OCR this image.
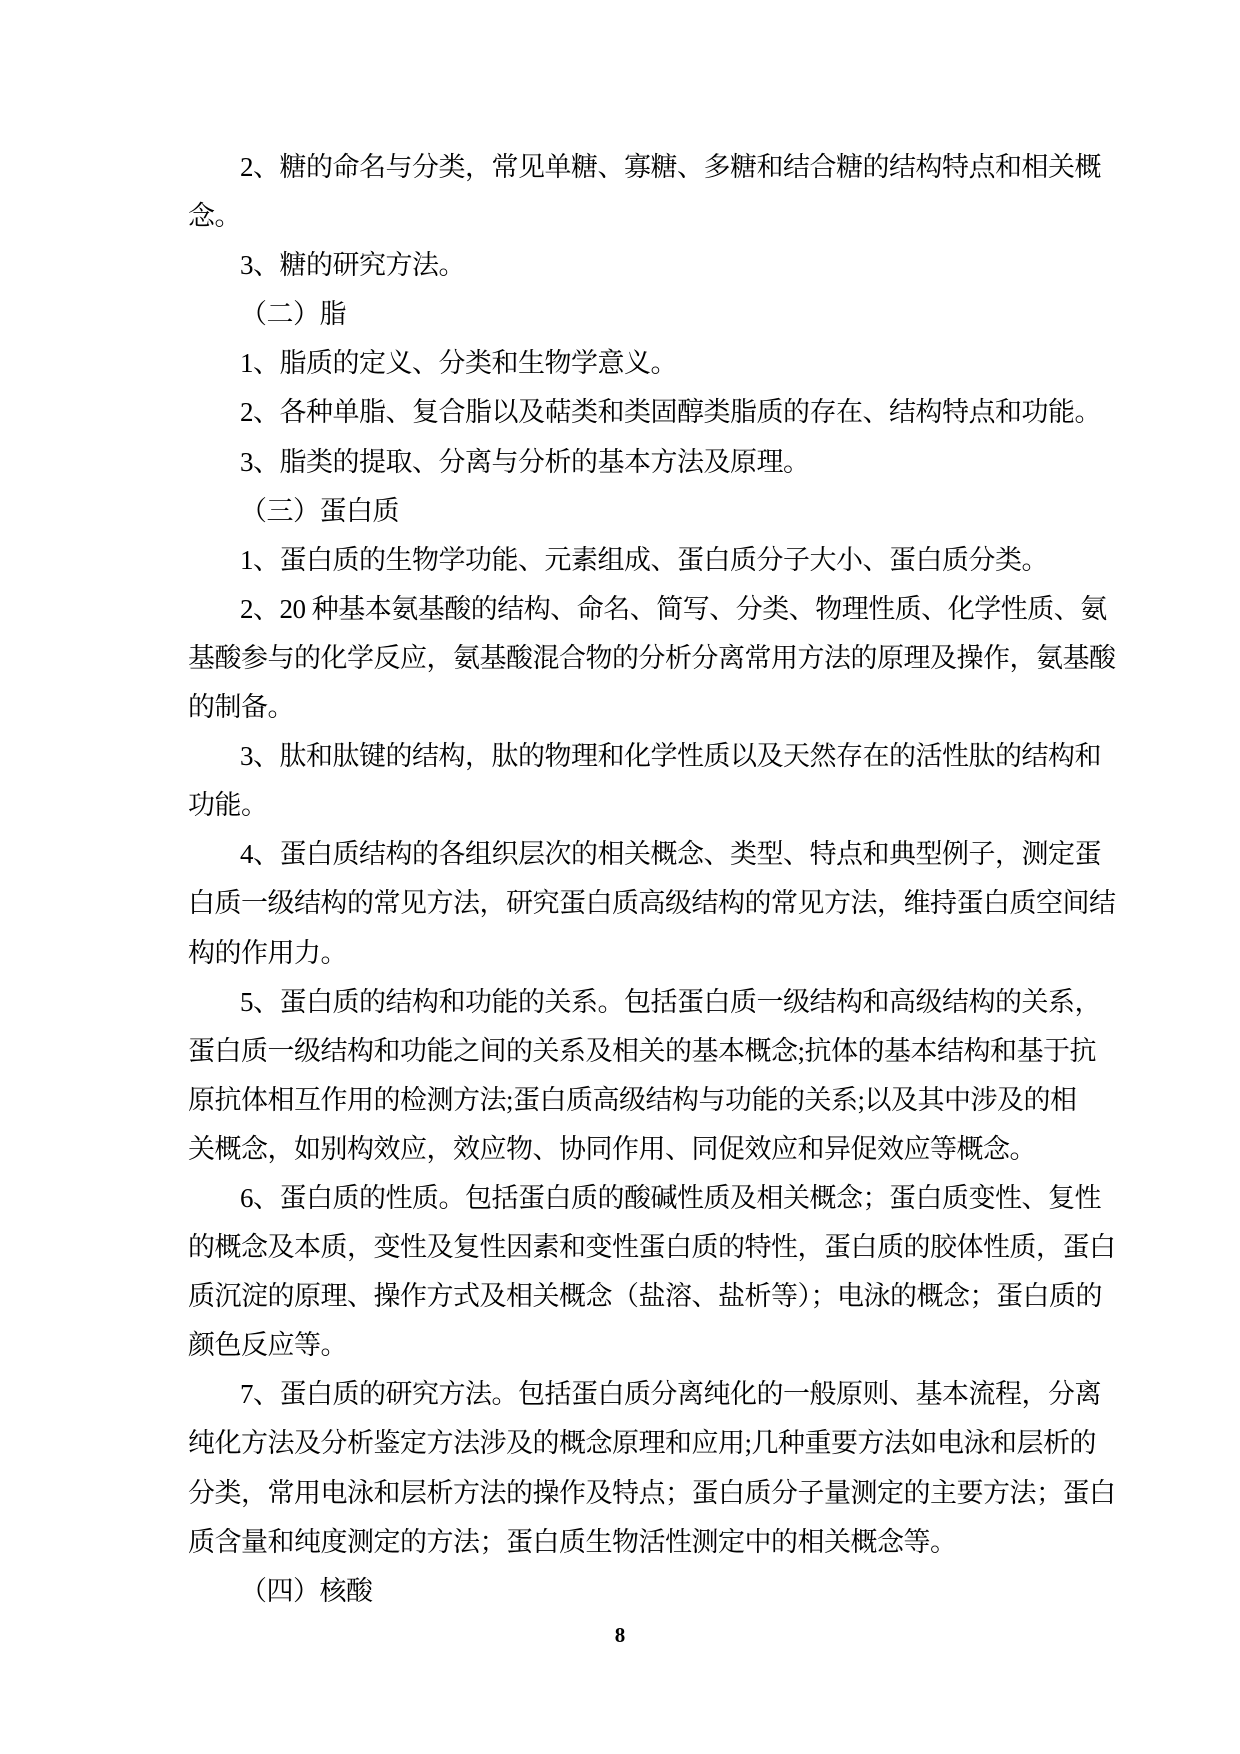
2、糖的命名与分类，常见单糖、寡糖、多糖和结合糖的结构特点和相关概
念。

3、糖的研究方法。

（二）脂

1、脂质的定义、分类和生物学意义。

2、各种单脂、复合脂以及萜类和类固醇类脂质的存在、结构特点和功能。

3、脂类的提取、分离与分析的基本方法及原理。

（三）蛋白质

1、蛋白质的生物学功能、元素组成、蛋白质分子大小、蛋白质分类。

2、20 种基本氨基酸的结构、命名、简写、分类、物理性质、化学性质、氨
基酸参与的化学反应，氨基酸混合物的分析分离常用方法的原理及操作，氨基酸
的制备。

3、肽和肽键的结构，肽的物理和化学性质以及天然存在的活性肽的结构和
功能。

4、蛋白质结构的各组织层次的相关概念、类型、特点和典型例子，测定蛋
白质一级结构的常见方法，研究蛋白质高级结构的常见方法，维持蛋白质空间结
构的作用力。

5、蛋白质的结构和功能的关系。包括蛋白质一级结构和高级结构的关系，
蛋白质一级结构和功能之间的关系及相关的基本概念;抗体的基本结构和基于抗
原抗体相互作用的检测方法;蛋白质高级结构与功能的关系;以及其中涉及的相
关概念，如别构效应，效应物、协同作用、同促效应和异促效应等概念。

6、蛋白质的性质。包括蛋白质的酸碱性质及相关概念；蛋白质变性、复性
的概念及本质，变性及复性因素和变性蛋白质的特性，蛋白质的胶体性质，蛋白
质沉淀的原理、操作方式及相关概念（盐溶、盐析等）；电泳的概念；蛋白质的
颜色反应等。

7、蛋白质的研究方法。包括蛋白质分离纯化的一般原则、基本流程，分离
纯化方法及分析鉴定方法涉及的概念原理和应用;几种重要方法如电泳和层析的
分类，常用电泳和层析方法的操作及特点；蛋白质分子量测定的主要方法；蛋白
质含量和纯度测定的方法；蛋白质生物活性测定中的相关概念等。

（四）核酸

8
